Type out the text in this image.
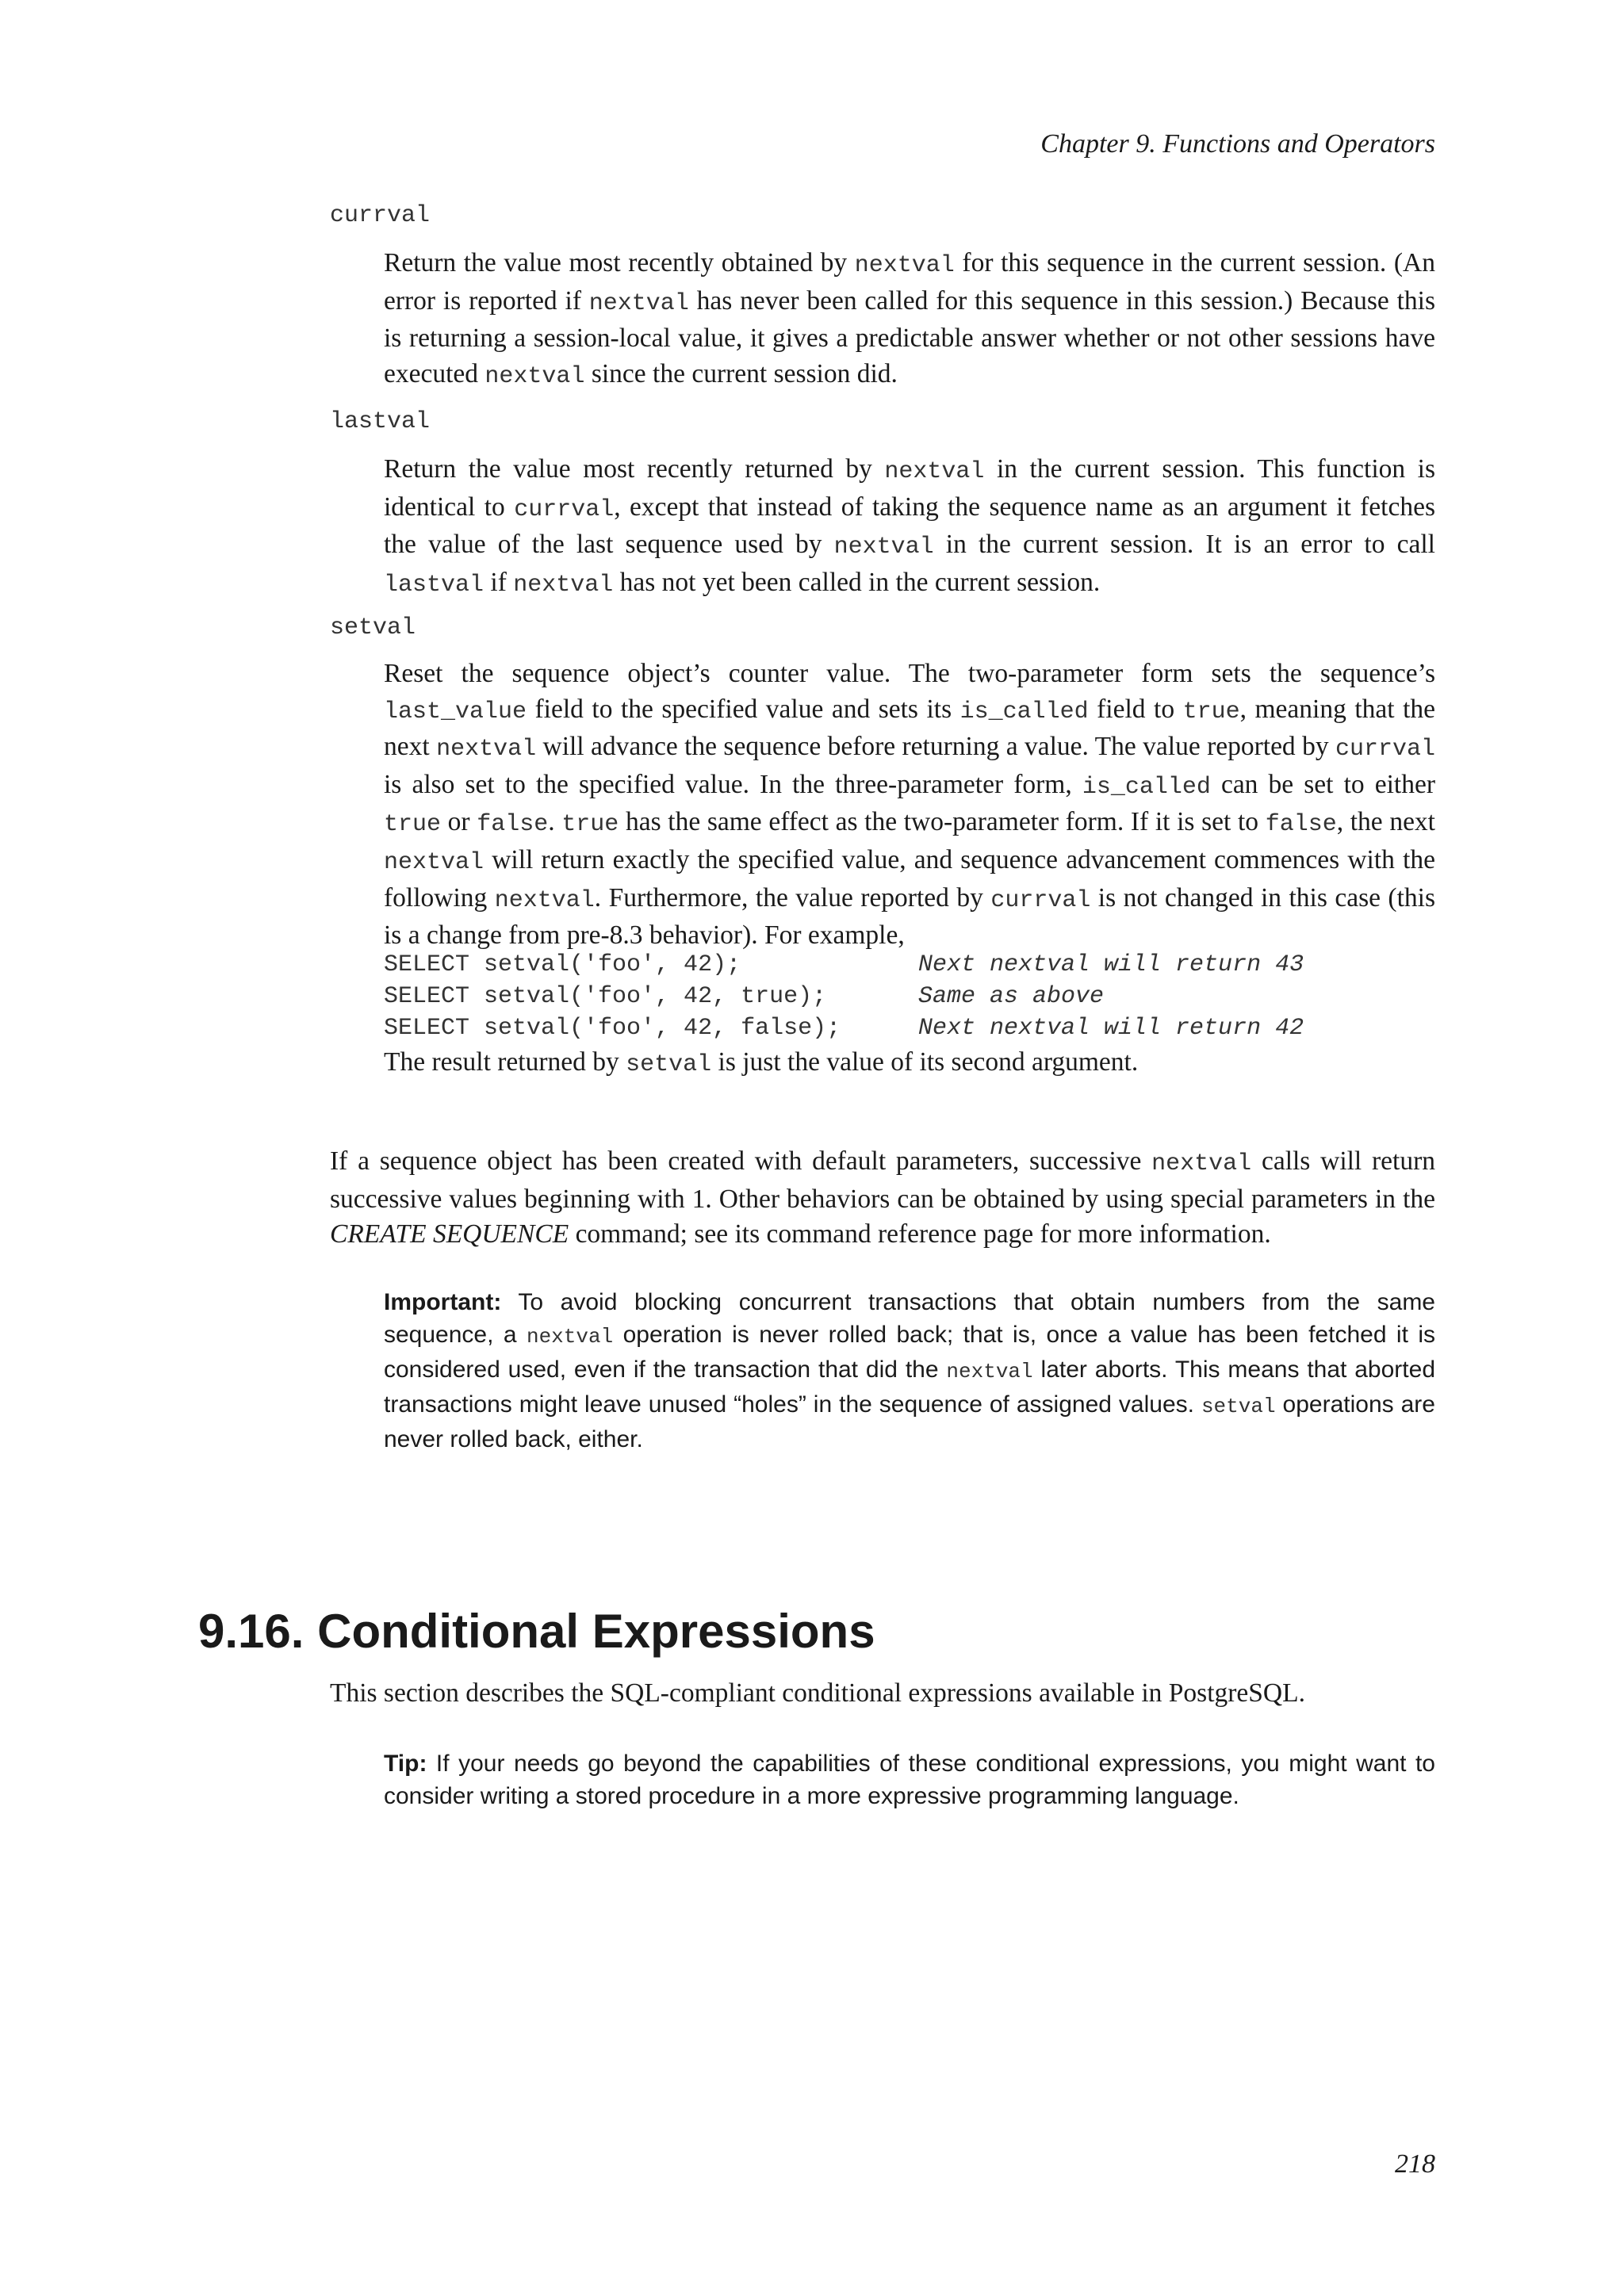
Chapter 9. Functions and Operators
currval

Return the value most recently obtained by nextval for this sequence in the current session. (An error is reported if nextval has never been called for this sequence in this session.) Because this is returning a session-local value, it gives a predictable answer whether or not other sessions have executed nextval since the current session did.

lastval

Return the value most recently returned by nextval in the current session. This function is identical to currval, except that instead of taking the sequence name as an argument it fetches the value of the last sequence used by nextval in the current session. It is an error to call lastval if nextval has not yet been called in the current session.

setval

Reset the sequence object’s counter value. The two-parameter form sets the sequence’s last_value field to the specified value and sets its is_called field to true, meaning that the next nextval will advance the sequence before returning a value. The value reported by currval is also set to the specified value. In the three-parameter form, is_called can be set to either true or false. true has the same effect as the two-parameter form. If it is set to false, the next nextval will return exactly the specified value, and sequence advancement commences with the following nextval. Furthermore, the value reported by currval is not changed in this case (this is a change from pre-8.3 behavior). For example,

SELECT setval('foo', 42);	Next nextval will return 43
SELECT setval('foo', 42, true);	Same as above
SELECT setval('foo', 42, false);	Next nextval will return 42

The result returned by setval is just the value of its second argument.

If a sequence object has been created with default parameters, successive nextval calls will return successive values beginning with 1. Other behaviors can be obtained by using special parameters in the CREATE SEQUENCE command; see its command reference page for more information.

Important: To avoid blocking concurrent transactions that obtain numbers from the same sequence, a nextval operation is never rolled back; that is, once a value has been fetched it is considered used, even if the transaction that did the nextval later aborts. This means that aborted transactions might leave unused “holes” in the sequence of assigned values. setval operations are never rolled back, either.

9.16. Conditional Expressions

This section describes the SQL-compliant conditional expressions available in PostgreSQL.

Tip: If your needs go beyond the capabilities of these conditional expressions, you might want to consider writing a stored procedure in a more expressive programming language.

218
